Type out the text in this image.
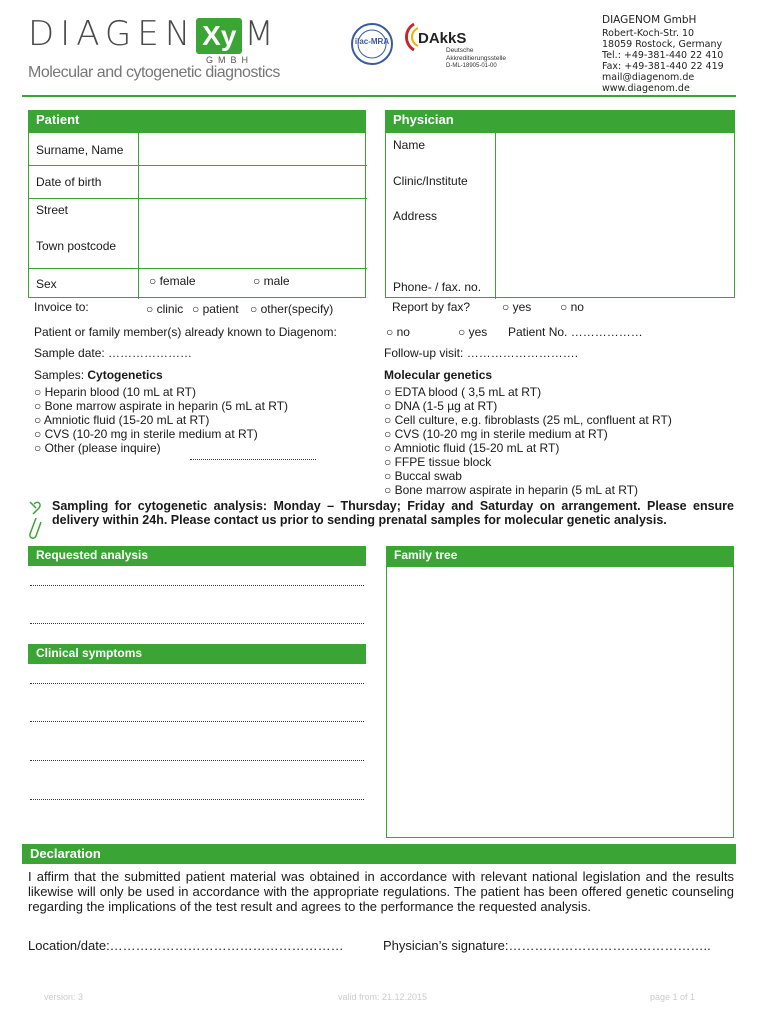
DIAGEN Xy M
GMBH
Molecular and cytogenetic diagnostics
ilac-MRA	DAkkS
Deutsche
Akkreditierungsstelle
D-ML-18905-01-00
DIAGENOM GmbH
Robert-Koch-Str. 10
18059 Rostock, Germany
Tel.: +49-381-440 22 410
Fax: +49-381-440 22 419
mail@diagenom.de
www.diagenom.de
Patient
Surname, Name
Date of birth
Street
Town postcode
Sex	○ female	○ male
Physician
Name
Clinic/Institute
Address
Phone- / fax. no.
Invoice to:	○ clinic ○ patient ○ other(specify)	Report by fax?	○ yes ○ no
Patient or family member(s) already known to Diagenom:	○ no	○ yes Patient No. ………………
Sample date: …………………	Follow-up visit: ……………………….
Samples: Cytogenetics
○ Heparin blood (10 mL at RT)
○ Bone marrow aspirate in heparin (5 mL at RT)
○ Amniotic fluid (15-20 mL at RT)
○ CVS (10-20 mg in sterile medium at RT)
○ Other (please inquire)
Molecular genetics
○ EDTA blood ( 3,5 mL at RT)
○ DNA (1-5 µg at RT)
○ Cell culture, e.g. fibroblasts (25 mL, confluent at RT)
○ CVS (10-20 mg in sterile medium at RT)
○ Amniotic fluid (15-20 mL at RT)
○ FFPE tissue block
○ Buccal swab
○ Bone marrow aspirate in heparin (5 mL at RT)
Sampling for cytogenetic analysis: Monday – Thursday; Friday and Saturday on arrangement. Please ensure delivery within 24h. Please contact us prior to sending prenatal samples for molecular genetic analysis.
Requested analysis	Family tree
Clinical symptoms
Declaration
I affirm that the submitted patient material was obtained in accordance with relevant national legislation and the results likewise will only be used in accordance with the appropriate regulations. The patient has been offered genetic counseling regarding the implications of the test result and agrees to the performance the requested analysis.
Location/date:………………………………………………	Physician’s signature:………………………………………..
version: 3	valid from: 21.12.2015	page 1 of 1
